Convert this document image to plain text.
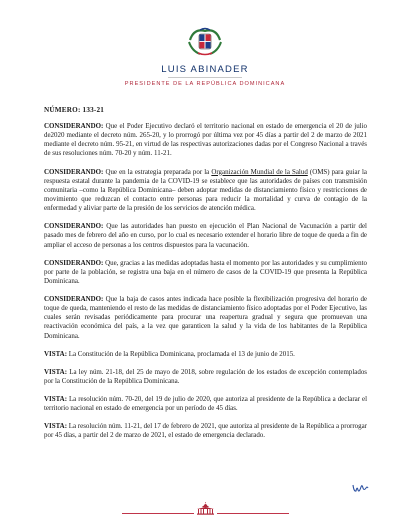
LUIS ABINADER
PRESIDENTE DE LA REPÚBLICA DOMINICANA
NÚMERO: 133-21

CONSIDERANDO: Que el Poder Ejecutivo declaró el territorio nacional en estado de emergencia el 20 de julio de2020 mediante el decreto núm. 265-20, y lo prorrogó por última vez por 45 días a partir del 2 de marzo de 2021 mediante el decreto núm. 95-21, en virtud de las respectivas autorizaciones dadas por el Congreso Nacional a través de sus resoluciones núm. 70-20 y núm. 11-21.

CONSIDERANDO: Que en la estrategia preparada por la Organización Mundial de la Salud (OMS) para guiar la respuesta estatal durante la pandemia de la COVID-19 se establece que las autoridades de países con transmisión comunitaria –como la República Dominicana– deben adoptar medidas de distanciamiento físico y restricciones de movimiento que reduzcan el contacto entre personas para reducir la mortalidad y curva de contagio de la enfermedad y aliviar parte de la presión de los servicios de atención médica.

CONSIDERANDO: Que las autoridades han puesto en ejecución el Plan Nacional de Vacunación a partir del pasado mes de febrero del año en curso, por lo cual es necesario extender el horario libre de toque de queda a fin de ampliar el acceso de personas a los centros dispuestos para la vacunación.

CONSIDERANDO: Que, gracias a las medidas adoptadas hasta el momento por las autoridades y su cumplimiento por parte de la población, se registra una baja en el número de casos de la COVID-19 que presenta la República Dominicana.

CONSIDERANDO: Que la baja de casos antes indicada hace posible la flexibilización progresiva del horario de toque de queda, manteniendo el resto de las medidas de distanciamiento físico adoptadas por el Poder Ejecutivo, las cuales serán revisadas periódicamente para procurar una reapertura gradual y segura que promuevan una reactivación económica del país, a la vez que garanticen la salud y la vida de los habitantes de la República Dominicana.

VISTA: La Constitución de la República Dominicana, proclamada el 13 de junio de 2015.

VISTA: La ley núm. 21-18, del 25 de mayo de 2018, sobre regulación de los estados de excepción contemplados por la Constitución de la República Dominicana.

VISTA: La resolución núm. 70-20, del 19 de julio de 2020, que autoriza al presidente de la República a declarar el territorio nacional en estado de emergencia por un período de 45 días.

VISTA: La resolución núm. 11-21, del 17 de febrero de 2021, que autoriza al presidente de la República a prorrogar por 45 días, a partir del 2 de marzo de 2021, el estado de emergencia declarado.
